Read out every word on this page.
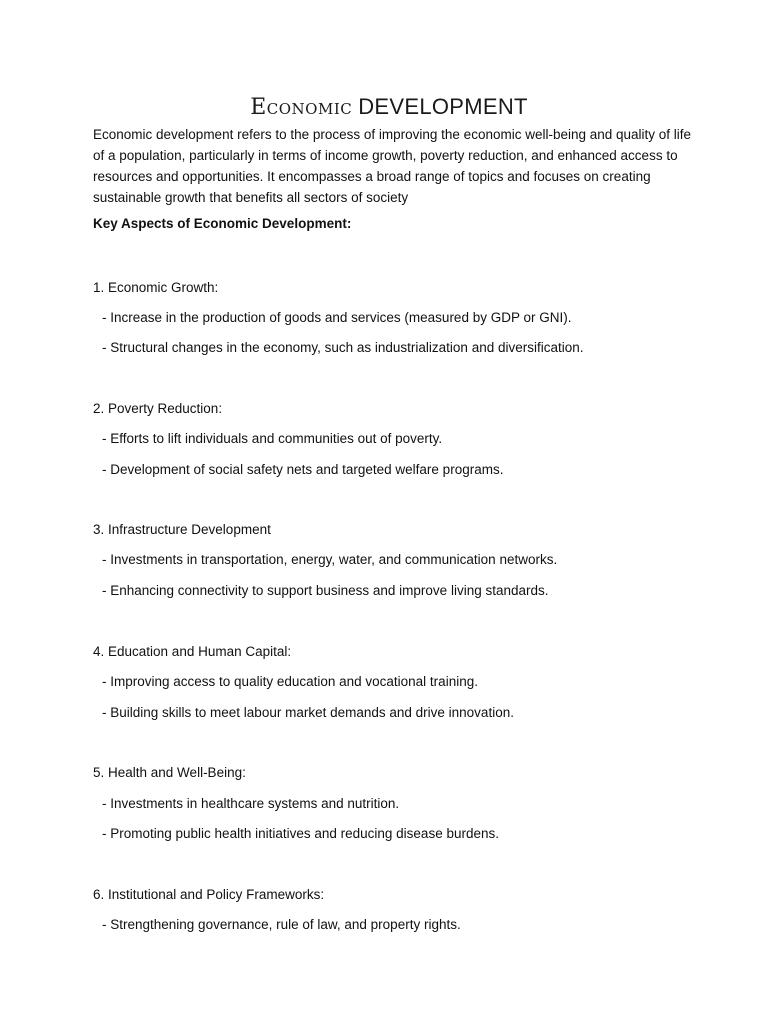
Economic DEVELOPMENT

Economic development refers to the process of improving the economic well-being and quality of life of a population, particularly in terms of income growth, poverty reduction, and enhanced access to resources and opportunities. It encompasses a broad range of topics and focuses on creating sustainable growth that benefits all sectors of society

Key Aspects of Economic Development:

1. Economic Growth:

- Increase in the production of goods and services (measured by GDP or GNI).

- Structural changes in the economy, such as industrialization and diversification.

2. Poverty Reduction:

- Efforts to lift individuals and communities out of poverty.

- Development of social safety nets and targeted welfare programs.

3. Infrastructure Development

- Investments in transportation, energy, water, and communication networks.

- Enhancing connectivity to support business and improve living standards.

4. Education and Human Capital:

- Improving access to quality education and vocational training.

- Building skills to meet labour market demands and drive innovation.

5. Health and Well-Being:

- Investments in healthcare systems and nutrition.

- Promoting public health initiatives and reducing disease burdens.

6. Institutional and Policy Frameworks:

- Strengthening governance, rule of law, and property rights.
